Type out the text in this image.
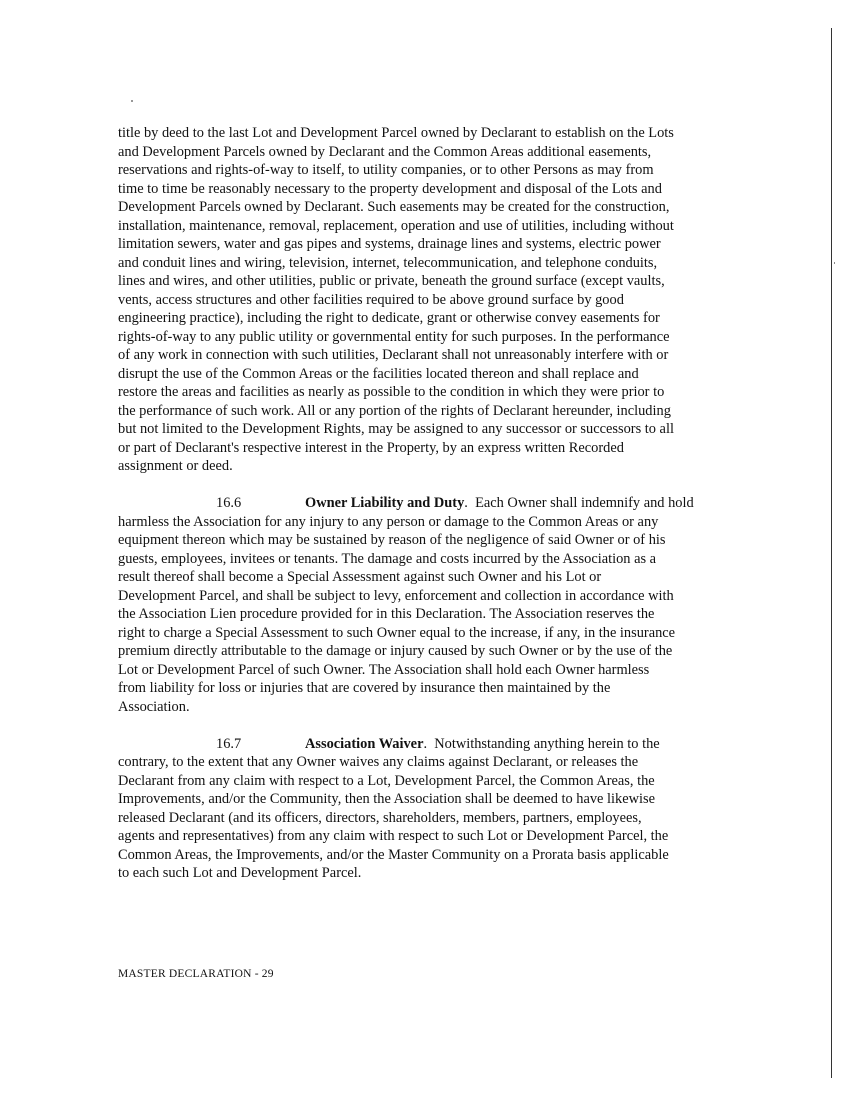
title by deed to the last Lot and Development Parcel owned by Declarant to establish on the Lots
and Development Parcels owned by Declarant and the Common Areas additional easements,
reservations and rights-of-way to itself, to utility companies, or to other Persons as may from
time to time be reasonably necessary to the property development and disposal of the Lots and
Development Parcels owned by Declarant. Such easements may be created for the construction,
installation, maintenance, removal, replacement, operation and use of utilities, including without
limitation sewers, water and gas pipes and systems, drainage lines and systems, electric power
and conduit lines and wiring, television, internet, telecommunication, and telephone conduits,
lines and wires, and other utilities, public or private, beneath the ground surface (except vaults,
vents, access structures and other facilities required to be above ground surface by good
engineering practice), including the right to dedicate, grant or otherwise convey easements for
rights-of-way to any public utility or governmental entity for such purposes. In the performance
of any work in connection with such utilities, Declarant shall not unreasonably interfere with or
disrupt the use of the Common Areas or the facilities located thereon and shall replace and
restore the areas and facilities as nearly as possible to the condition in which they were prior to
the performance of such work. All or any portion of the rights of Declarant hereunder, including
but not limited to the Development Rights, may be assigned to any successor or successors to all
or part of Declarant's respective interest in the Property, by an express written Recorded
assignment or deed.
16.6	Owner Liability and Duty.  Each Owner shall indemnify and hold
harmless the Association for any injury to any person or damage to the Common Areas or any
equipment thereon which may be sustained by reason of the negligence of said Owner or of his
guests, employees, invitees or tenants. The damage and costs incurred by the Association as a
result thereof shall become a Special Assessment against such Owner and his Lot or
Development Parcel, and shall be subject to levy, enforcement and collection in accordance with
the Association Lien procedure provided for in this Declaration. The Association reserves the
right to charge a Special Assessment to such Owner equal to the increase, if any, in the insurance
premium directly attributable to the damage or injury caused by such Owner or by the use of the
Lot or Development Parcel of such Owner. The Association shall hold each Owner harmless
from liability for loss or injuries that are covered by insurance then maintained by the
Association.
16.7	Association Waiver.  Notwithstanding anything herein to the
contrary, to the extent that any Owner waives any claims against Declarant, or releases the
Declarant from any claim with respect to a Lot, Development Parcel, the Common Areas, the
Improvements, and/or the Community, then the Association shall be deemed to have likewise
released Declarant (and its officers, directors, shareholders, members, partners, employees,
agents and representatives) from any claim with respect to such Lot or Development Parcel, the
Common Areas, the Improvements, and/or the Master Community on a Prorata basis applicable
to each such Lot and Development Parcel.
MASTER DECLARATION - 29
